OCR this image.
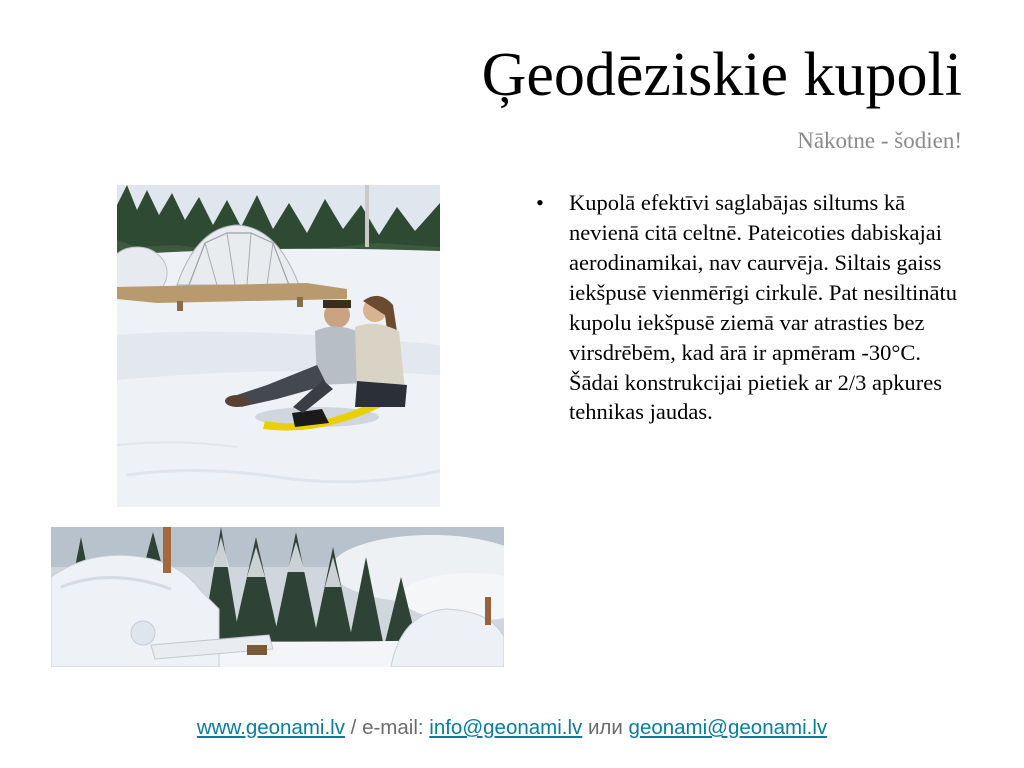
Ģeodēziskie kupoli
Nākotne - šodien!
•	Kupolā efektīvi saglabājas siltums kā nevienā citā celtnē. Pateicoties dabiskajai aerodinamikai, nav caurvēja. Siltais gaiss iekšpusē vienmērīgi cirkulē. Pat nesiltinātu kupolu iekšpusē ziemā var atrasties bez virsdrēbēm, kad ārā ir apmēram -30°C. Šādai konstrukcijai pietiek ar 2/3 apkures tehnikas jaudas.
www.geonami.lv / e-mail: info@geonami.lv или geonami@geonami.lv
